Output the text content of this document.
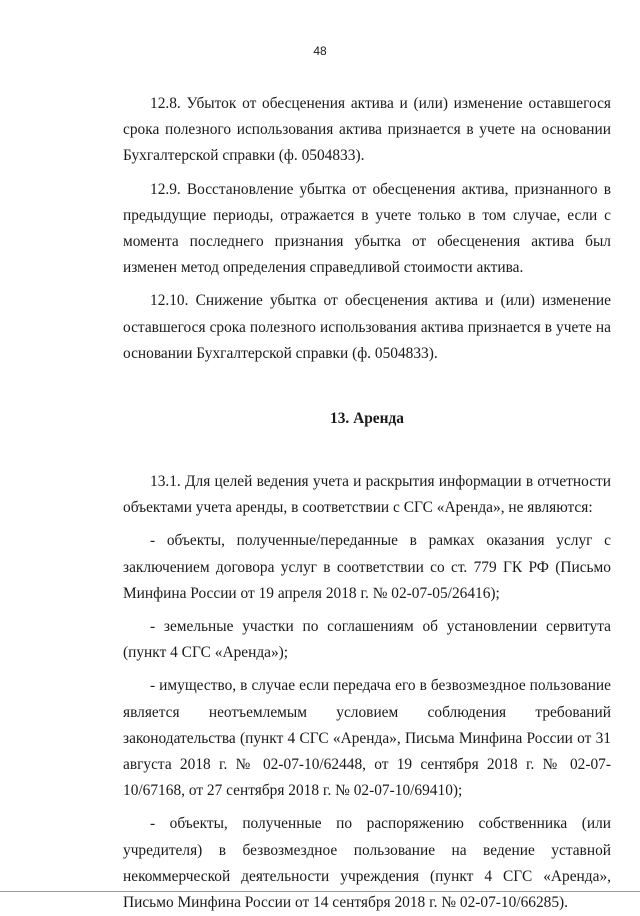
48

12.8. Убыток от обесценения актива и (или) изменение оставшегося срока полезного использования актива признается в учете на основании Бухгалтерской справки (ф. 0504833).

12.9. Восстановление убытка от обесценения актива, признанного в предыдущие периоды, отражается в учете только в том случае, если с момента последнего признания убытка от обесценения актива был изменен метод определения справедливой стоимости актива.

12.10. Снижение убытка от обесценения актива и (или) изменение оставшегося срока полезного использования актива признается в учете на основании Бухгалтерской справки (ф. 0504833).

13. Аренда

13.1. Для целей ведения учета и раскрытия информации в отчетности объектами учета аренды, в соответствии с СГС «Аренда», не являются:

- объекты, полученные/переданные в рамках оказания услуг с заключением договора услуг в соответствии со ст. 779 ГК РФ (Письмо Минфина России от 19 апреля 2018 г. № 02-07-05/26416);

- земельные участки по соглашениям об установлении сервитута (пункт 4 СГС «Аренда»);

- имущество, в случае если передача его в безвозмездное пользование является неотъемлемым условием соблюдения требований законодательства (пункт 4 СГС «Аренда», Письма Минфина России от 31 августа 2018 г. № 02-07-10/62448, от 19 сентября 2018 г. № 02-07-10/67168, от 27 сентября 2018 г. № 02-07-10/69410);

- объекты, полученные по распоряжению собственника (или учредителя) в безвозмездное пользование на ведение уставной некоммерческой деятельности учреждения (пункт 4 СГС «Аренда», Письмо Минфина России от 14 сентября 2018 г. № 02-07-10/66285).
